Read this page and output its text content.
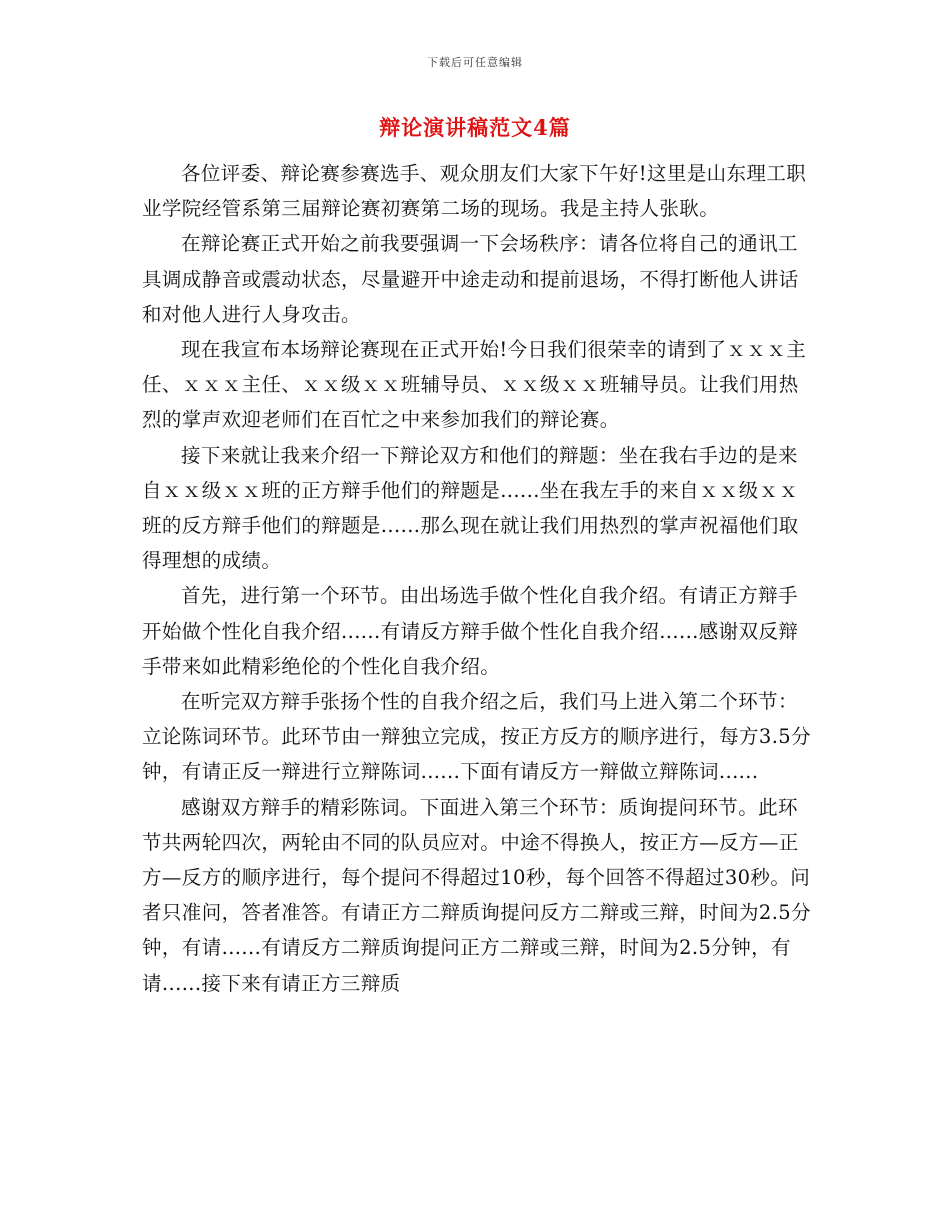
下载后可任意编辑
辩论演讲稿范文4篇

各位评委、辩论赛参赛选手、观众朋友们大家下午好!这里是山东理工职业学院经管系第三届辩论赛初赛第二场的现场。我是主持人张耿。

在辩论赛正式开始之前我要强调一下会场秩序：请各位将自己的通讯工具调成静音或震动状态，尽量避开中途走动和提前退场，不得打断他人讲话和对他人进行人身攻击。

现在我宣布本场辩论赛现在正式开始!今日我们很荣幸的请到了ｘｘｘ主任、ｘｘｘ主任、ｘｘ级ｘｘ班辅导员、ｘｘ级ｘｘ班辅导员。让我们用热烈的掌声欢迎老师们在百忙之中来参加我们的辩论赛。

接下来就让我来介绍一下辩论双方和他们的辩题：坐在我右手边的是来自ｘｘ级ｘｘ班的正方辩手他们的辩题是......坐在我左手的来自ｘｘ级ｘｘ班的反方辩手他们的辩题是......那么现在就让我们用热烈的掌声祝福他们取得理想的成绩。

首先，进行第一个环节。由出场选手做个性化自我介绍。有请正方辩手开始做个性化自我介绍......有请反方辩手做个性化自我介绍......感谢双反辩手带来如此精彩绝伦的个性化自我介绍。

在听完双方辩手张扬个性的自我介绍之后，我们马上进入第二个环节：立论陈词环节。此环节由一辩独立完成，按正方反方的顺序进行，每方3.5分钟，有请正反一辩进行立辩陈词......下面有请反方一辩做立辩陈词......

感谢双方辩手的精彩陈词。下面进入第三个环节：质询提问环节。此环节共两轮四次，两轮由不同的队员应对。中途不得换人，按正方—反方—正方—反方的顺序进行，每个提问不得超过10秒，每个回答不得超过30秒。问者只准问，答者准答。有请正方二辩质询提问反方二辩或三辩，时间为2.5分钟，有请......有请反方二辩质询提问正方二辩或三辩，时间为2.5分钟，有请......接下来有请正方三辩质
